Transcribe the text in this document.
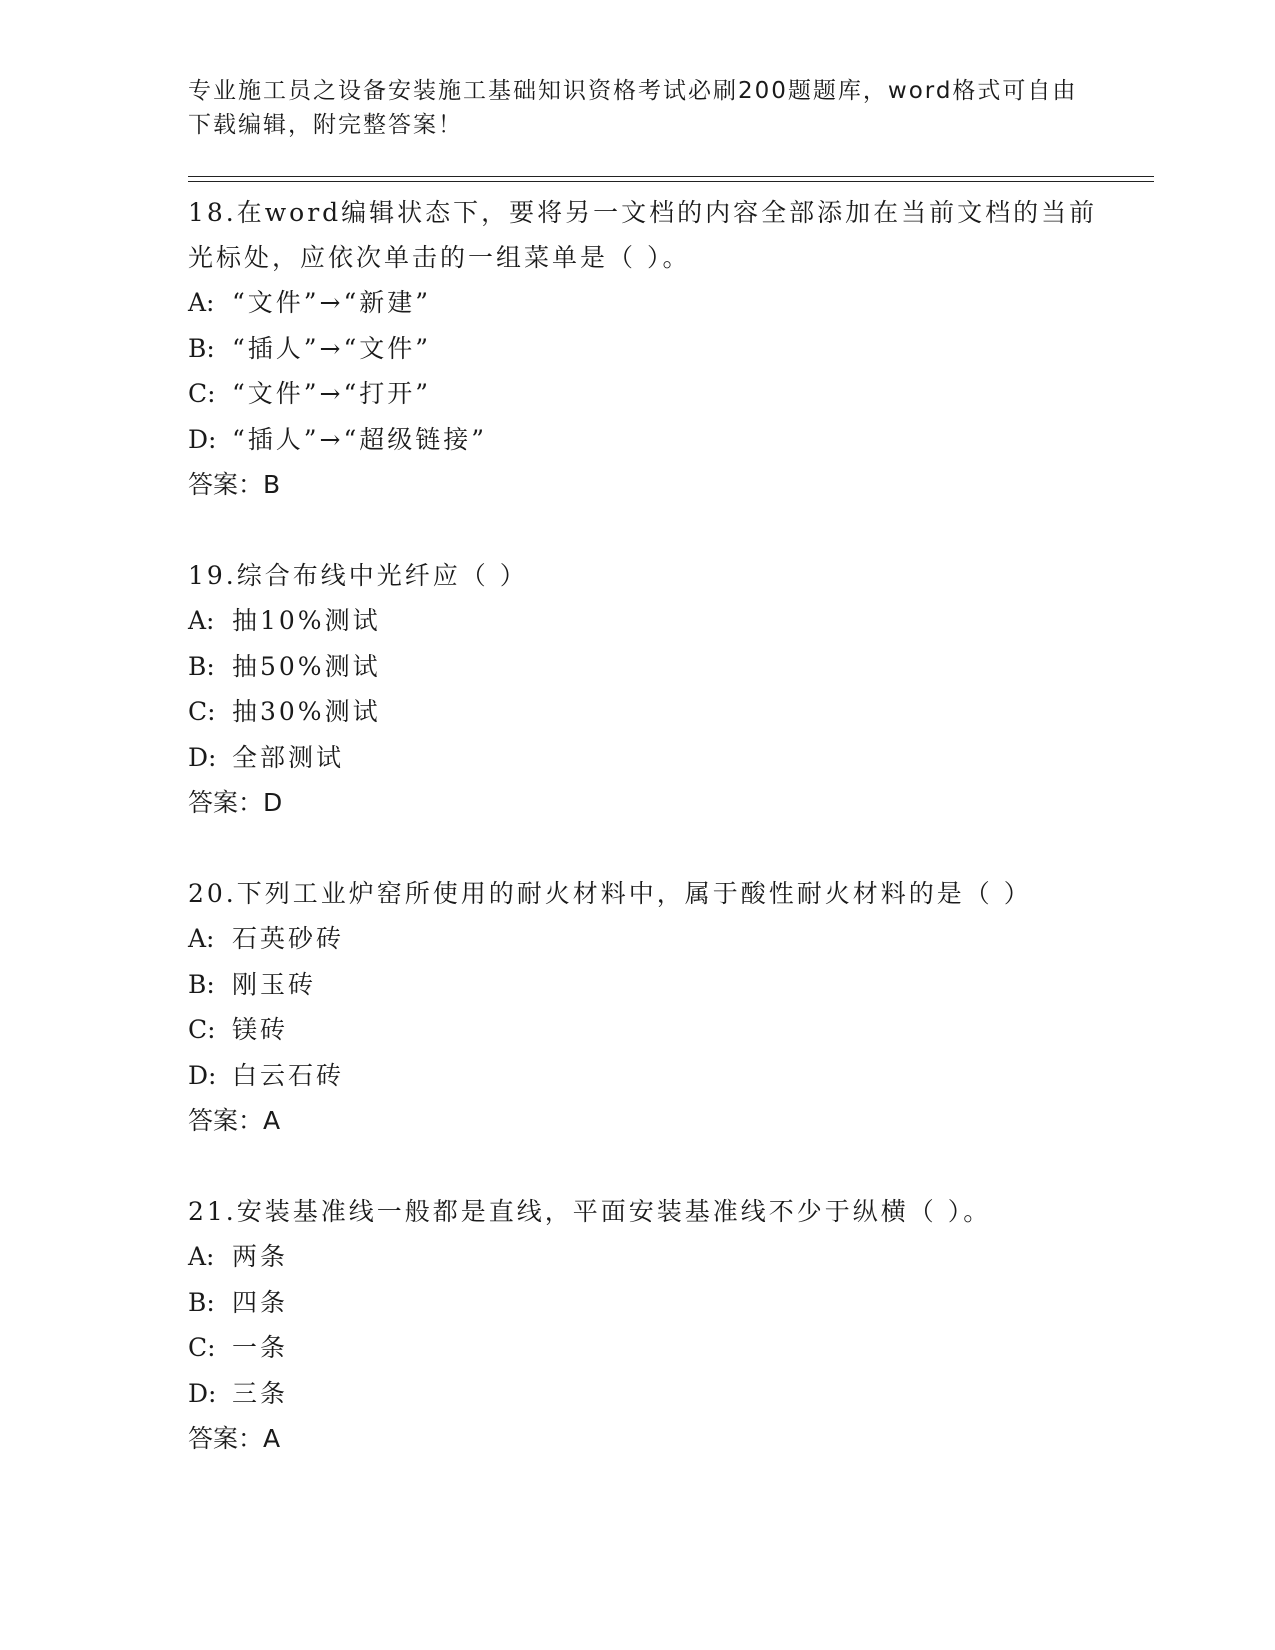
专业施工员之设备安装施工基础知识资格考试必刷200题题库，word格式可自由下载编辑，附完整答案！
18.在word编辑状态下，要将另一文档的内容全部添加在当前文档的当前光标处，应依次单击的一组菜单是（ ）。
A: “文件”→“新建”
B: “插人”→“文件”
C: “文件”→“打开”
D: “插人”→“超级链接”
答案：B
19.综合布线中光纤应（ ）
A: 抽10%测试
B: 抽50%测试
C: 抽30%测试
D: 全部测试
答案：D
20.下列工业炉窑所使用的耐火材料中，属于酸性耐火材料的是（ ）
A: 石英砂砖
B: 刚玉砖
C: 镁砖
D: 白云石砖
答案：A
21.安装基准线一般都是直线，平面安装基准线不少于纵横（ ）。
A: 两条
B: 四条
C: 一条
D: 三条
答案：A
